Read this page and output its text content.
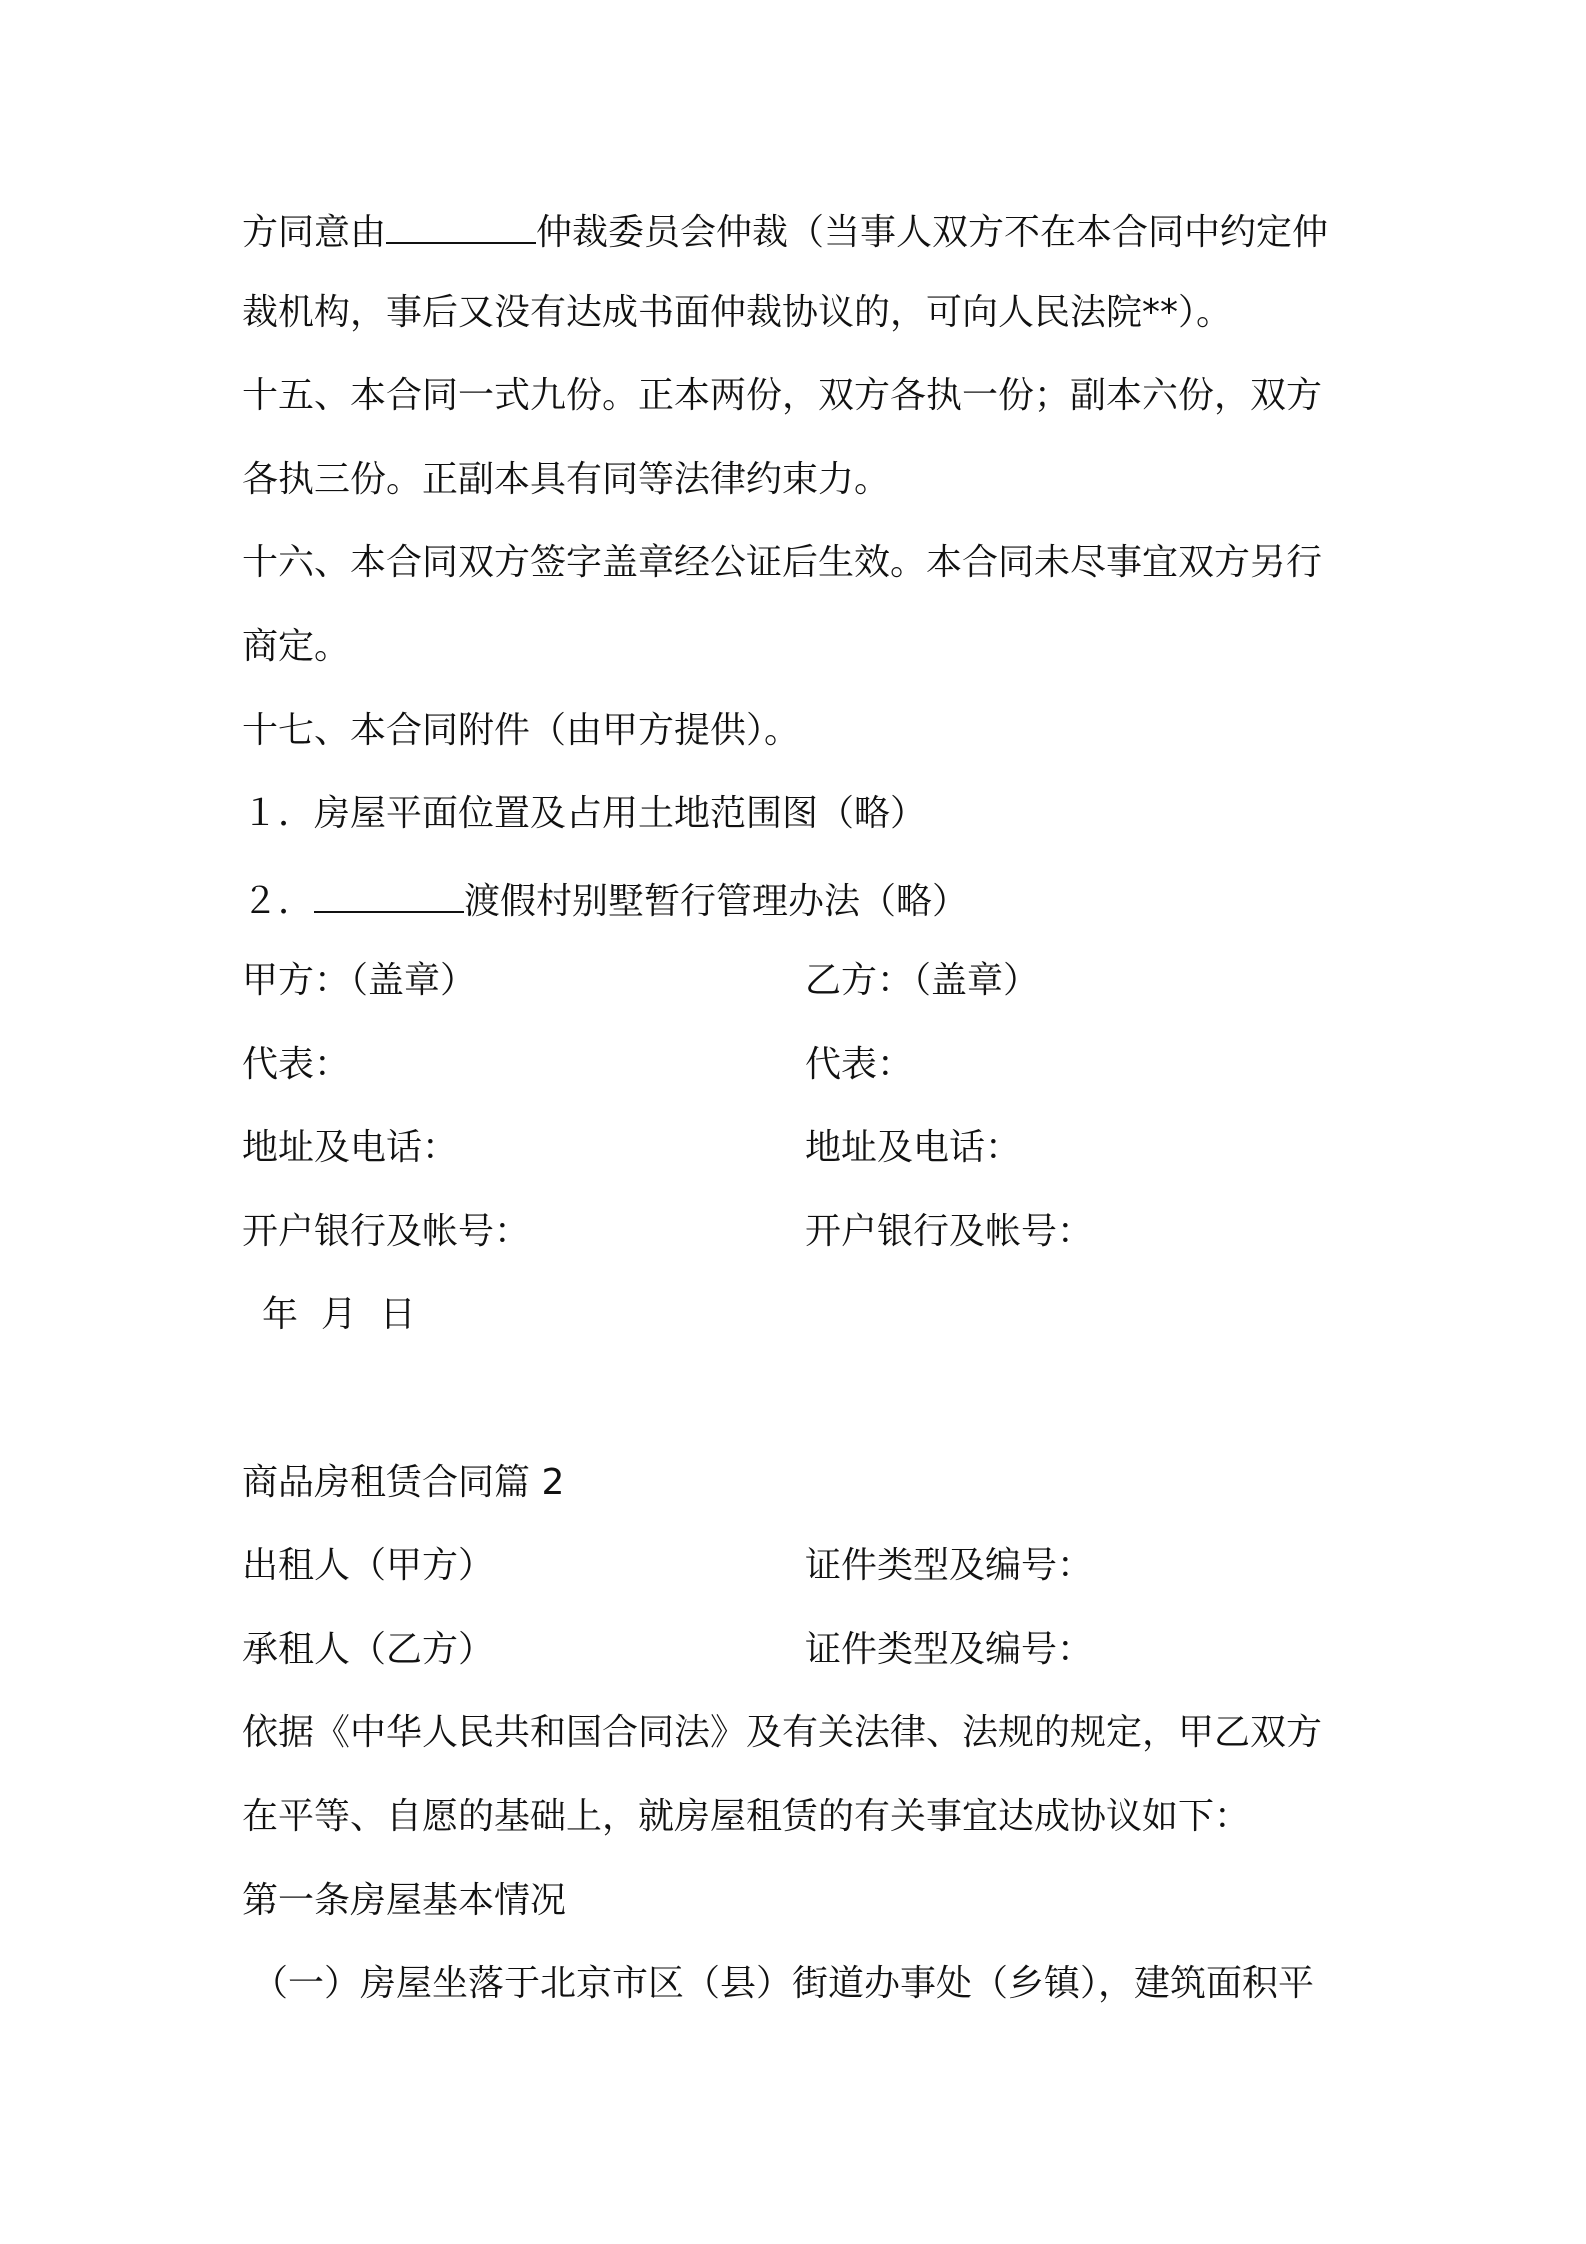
方同意由	仲裁委员会仲裁（当事人双方不在本合同中约定仲
裁机构，事后又没有达成书面仲裁协议的，可向人民法院**）。
十五、本合同一式九份。正本两份，双方各执一份；副本六份，双方
各执三份。正副本具有同等法律约束力。
十六、本合同双方签字盖章经公证后生效。本合同未尽事宜双方另行
商定。
十七、本合同附件（由甲方提供）。
１．房屋平面位置及占用土地范围图（略）
２．	渡假村别墅暂行管理办法（略）
甲方：（盖章）	乙方：（盖章）
代表：	代表：
地址及电话：	地址及电话：
开户银行及帐号：	开户银行及帐号：
年  月  日
商品房租赁合同篇 2
出租人（甲方）	证件类型及编号：
承租人（乙方）	证件类型及编号：
依据《中华人民共和国合同法》及有关法律、法规的规定，甲乙双方
在平等、自愿的基础上，就房屋租赁的有关事宜达成协议如下：
第一条房屋基本情况
（一）房屋坐落于北京市区（县）街道办事处（乡镇），建筑面积平
